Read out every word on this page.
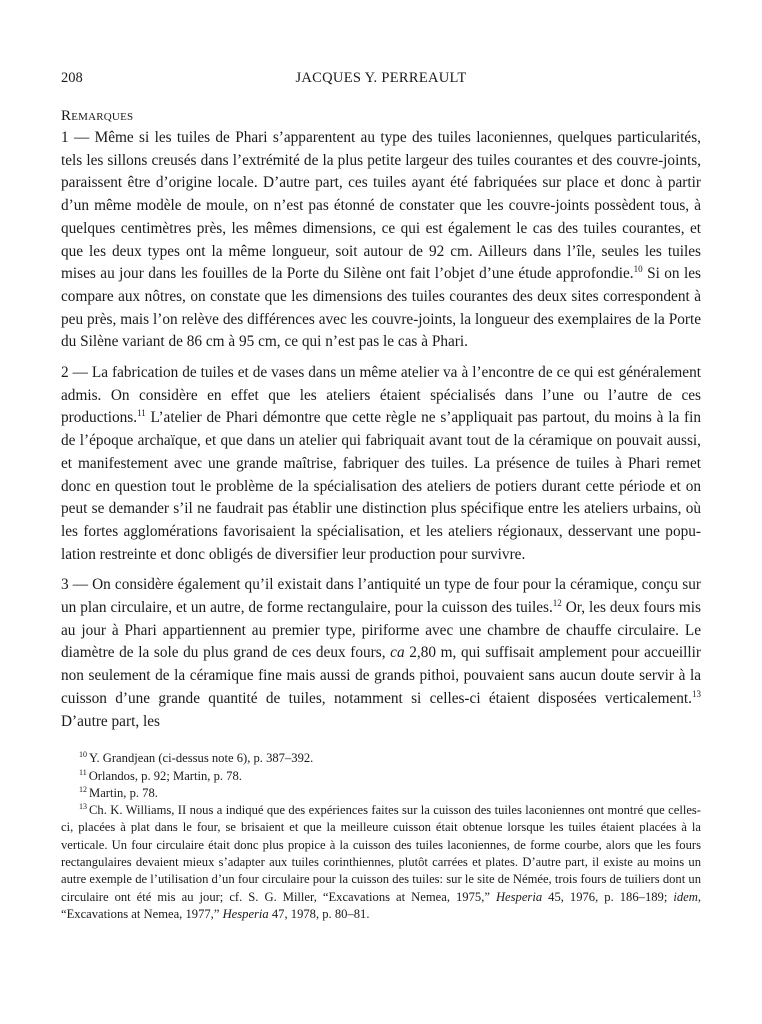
208	JACQUES Y. PERREAULT
Remarques

1 — Même si les tuiles de Phari s’apparentent au type des tuiles laconiennes, quelques particularités, tels les sillons creusés dans l’extrémité de la plus petite largeur des tuiles courantes et des couvre-joints, paraissent être d’origine locale. D’autre part, ces tuiles ayant été fabriquées sur place et donc à partir d’un même modèle de moule, on n’est pas étonné de constater que les couvre-joints possèdent tous, à quelques centimètres près, les mêmes dimensions, ce qui est également le cas des tuiles courantes, et que les deux types ont la même longueur, soit autour de 92 cm. Ailleurs dans l’île, seules les tuiles mises au jour dans les fouilles de la Porte du Silène ont fait l’objet d’une étude approfondie.$^{10}$ Si on les compare aux nôtres, on constate que les dimensions des tuiles courantes des deux sites correspondent à peu près, mais l’on relève des différences avec les couvre-joints, la longueur des exemplaires de la Porte du Silène variant de 86 cm à 95 cm, ce qui n’est pas le cas à Phari.

2 — La fabrication de tuiles et de vases dans un même atelier va à l’encontre de ce qui est généralement admis. On considère en effet que les ateliers étaient spécialisés dans l’une ou l’autre de ces productions.$^{11}$ L’atelier de Phari démontre que cette règle ne s’appliquait pas partout, du moins à la fin de l’époque archaïque, et que dans un atelier qui fabriquait avant tout de la céramique on pouvait aussi, et manifestement avec une grande maîtrise, fabriquer des tuiles. La présence de tuiles à Phari remet donc en question tout le problème de la spécialisation des ateliers de potiers durant cette période et on peut se demander s’il ne faudrait pas établir une distinction plus spécifique entre les ateliers urbains, où les fortes agglomérations favorisaient la spécialisation, et les ateliers régionaux, desservant une population restreinte et donc obligés de diversifier leur production pour survivre.

3 — On considère également qu’il existait dans l’antiquité un type de four pour la céramique, conçu sur un plan circulaire, et un autre, de forme rectangulaire, pour la cuisson des tuiles.$^{12}$ Or, les deux fours mis au jour à Phari appartiennent au premier type, piriforme avec une chambre de chauffe circulaire. Le diamètre de la sole du plus grand de ces deux fours, ca 2,80 m, qui suffisait amplement pour accueillir non seulement de la céramique fine mais aussi de grands pithoi, pouvaient sans aucun doute servir à la cuisson d’une grande quantité de tuiles, notamment si celles-ci étaient disposées verticalement.$^{13}$ D’autre part, les

$^{10}$ Y. Grandjean (ci-dessus note 6), p. 387–392.

$^{11}$ Orlandos, p. 92; Martin, p. 78.

$^{12}$ Martin, p. 78.

$^{13}$ Ch. K. Williams, II nous a indiqué que des expériences faites sur la cuisson des tuiles laconiennes ont montré que celles-ci, placées à plat dans le four, se brisaient et que la meilleure cuisson était obtenue lorsque les tuiles étaient placées à la verticale. Un four circulaire était donc plus propice à la cuisson des tuiles laconiennes, de forme courbe, alors que les fours rectangulaires devaient mieux s’adapter aux tuiles corinthiennes, plutôt carrées et plates. D’autre part, il existe au moins un autre exemple de l’utilisation d’un four circulaire pour la cuisson des tuiles: sur le site de Némée, trois fours de tuiliers dont un circulaire ont été mis au jour; cf. S. G. Miller, “Excavations at Nemea, 1975,” Hesperia 45, 1976, p. 186–189; idem, “Excavations at Nemea, 1977,” Hesperia 47, 1978, p. 80–81.
